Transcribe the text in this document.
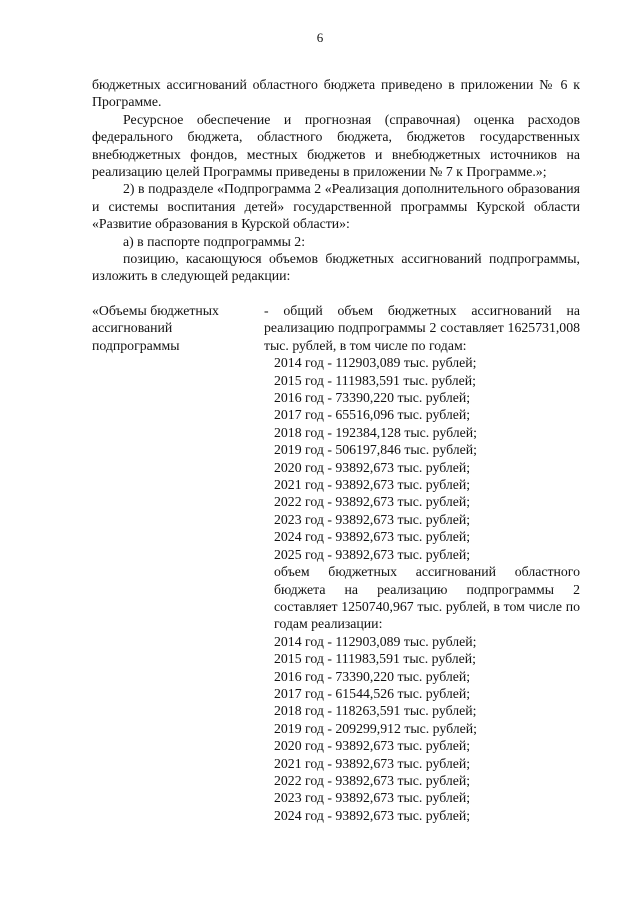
6

бюджетных ассигнований областного бюджета приведено в приложении № 6 к Программе.

Ресурсное обеспечение и прогнозная (справочная) оценка расходов федерального бюджета, областного бюджета, бюджетов государственных внебюджетных фондов, местных бюджетов и внебюджетных источников на реализацию целей Программы приведены в приложении № 7 к Программе.»;

2) в подразделе «Подпрограмма 2 «Реализация дополнительного образования и системы воспитания детей» государственной программы Курской области «Развитие образования в Курской области»:

а) в паспорте подпрограммы 2:

позицию, касающуюся объемов бюджетных ассигнований подпрограммы, изложить в следующей редакции:

«Объемы бюджетных
ассигнований
подпрограммы

- общий объем бюджетных ассигнований на реализацию подпрограммы 2 составляет 1625731,008 тыс. рублей, в том числе по годам:

2014 год - 112903,089 тыс. рублей;
2015 год - 111983,591 тыс. рублей;
2016 год - 73390,220 тыс. рублей;
2017 год - 65516,096 тыс. рублей;
2018 год - 192384,128 тыс. рублей;
2019 год - 506197,846 тыс. рублей;
2020 год - 93892,673 тыс. рублей;
2021 год - 93892,673 тыс. рублей;
2022 год - 93892,673 тыс. рублей;
2023 год - 93892,673 тыс. рублей;
2024 год - 93892,673 тыс. рублей;
2025 год - 93892,673 тыс. рублей;

объем бюджетных ассигнований областного бюджета на реализацию подпрограммы 2 составляет 1250740,967 тыс. рублей, в том числе по годам реализации:

2014 год - 112903,089 тыс. рублей;
2015 год - 111983,591 тыс. рублей;
2016 год - 73390,220 тыс. рублей;
2017 год - 61544,526 тыс. рублей;
2018 год - 118263,591 тыс. рублей;
2019 год - 209299,912 тыс. рублей;
2020 год - 93892,673 тыс. рублей;
2021 год - 93892,673 тыс. рублей;
2022 год - 93892,673 тыс. рублей;
2023 год - 93892,673 тыс. рублей;
2024 год - 93892,673 тыс. рублей;
